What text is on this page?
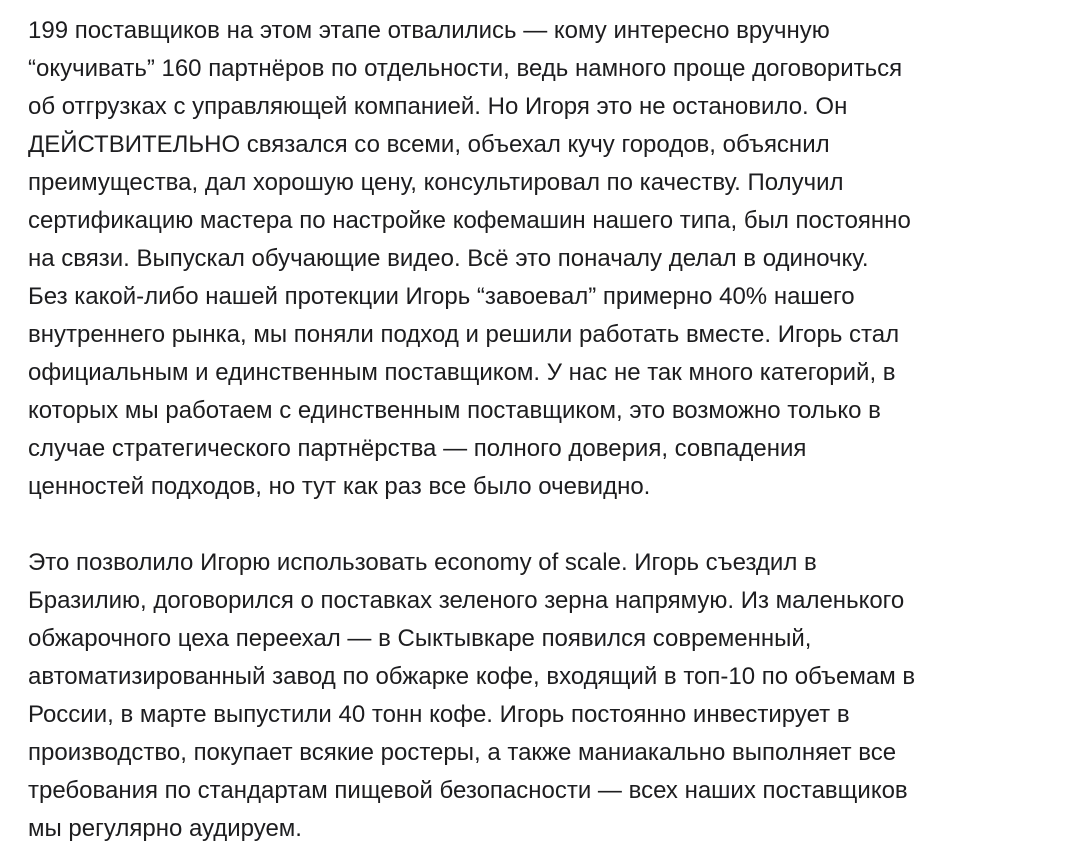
199 поставщиков на этом этапе отвалились — кому интересно вручную
“окучивать” 160 партнёров по отдельности, ведь намного проще договориться
об отгрузках с управляющей компанией. Но Игоря это не остановило. Он
ДЕЙСТВИТЕЛЬНО связался со всеми, объехал кучу городов, объяснил
преимущества, дал хорошую цену, консультировал по качеству. Получил
сертификацию мастера по настройке кофемашин нашего типа, был постоянно
на связи. Выпускал обучающие видео. Всё это поначалу делал в одиночку.
Без какой-либо нашей протекции Игорь “завоевал” примерно 40% нашего
внутреннего рынка, мы поняли подход и решили работать вместе. Игорь стал
официальным и единственным поставщиком. У нас не так много категорий, в
которых мы работаем с единственным поставщиком, это возможно только в
случае стратегического партнёрства — полного доверия, совпадения
ценностей подходов, но тут как раз все было очевидно.

Это позволило Игорю использовать economy of scale. Игорь съездил в
Бразилию, договорился о поставках зеленого зерна напрямую. Из маленького
обжарочного цеха переехал — в Сыктывкаре появился современный,
автоматизированный завод по обжарке кофе, входящий в топ-10 по объемам в
России, в марте выпустили 40 тонн кофе. Игорь постоянно инвестирует в
производство, покупает всякие ростеры, а также маниакально выполняет все
требования по стандартам пищевой безопасности — всех наших поставщиков
мы регулярно аудируем.
